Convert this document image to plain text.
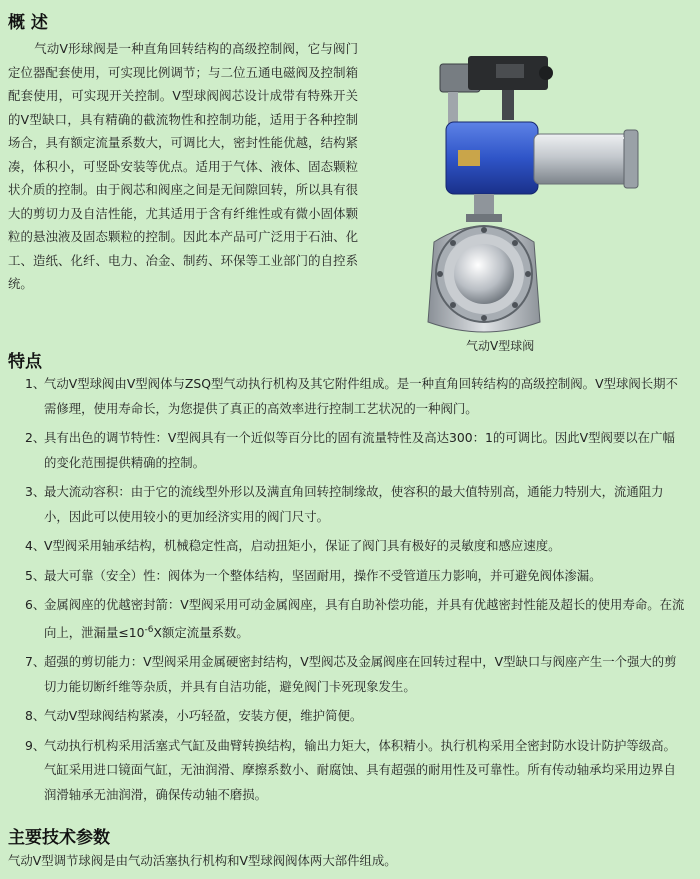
概 述

气动V形球阀是一种直角回转结构的高级控制阀，它与阀门定位器配套使用，可实现比例调节；与二位五通电磁阀及控制箱配套使用，可实现开关控制。V型球阀阀芯设计成带有特殊开关的V型缺口，具有精确的截流物性和控制功能，适用于各种控制场合，具有额定流量系数大，可调比大，密封性能优越，结构紧凑，体积小，可竖卧安装等优点。适用于气体、液体、固态颗粒状介质的控制。由于阀芯和阀座之间是无间隙回转，所以具有很大的剪切力及自洁性能，尤其适用于含有纤维性或有微小固体颗粒的悬浊液及固态颗粒的控制。因此本产品可广泛用于石油、化工、造纸、化纤、电力、冶金、制药、环保等工业部门的自控系统。

气动V型球阀
特点
1、
气动V型球阀由V型阀体与ZSQ型气动执行机构及其它附件组成。是一种直角回转结构的高级控制阀。V型球阀长期不需修理，使用寿命长，为您提供了真正的高效率进行控制工艺状况的一种阀门。
2、
具有出色的调节特性：V型阀具有一个近似等百分比的固有流量特性及高达300：1的可调比。因此V型阀要以在广幅的变化范围提供精确的控制。
3、
最大流动容积：由于它的流线型外形以及满直角回转控制缘故，使容积的最大值特别高，通能力特别大，流通阻力小，因此可以使用较小的更加经济实用的阀门尺寸。
4、
V型阀采用轴承结构，机械稳定性高，启动扭矩小，保证了阀门具有极好的灵敏度和感应速度。
5、
最大可靠（安全）性：阀体为一个整体结构，坚固耐用，操作不受管道压力影响，并可避免阀体渗漏。
6、
金属阀座的优越密封箭：V型阀采用可动金属阀座，具有自助补偿功能，并具有优越密封性能及超长的使用寿命。在流向上，泄漏量$\le 10^{-6}X$额定流量系数。
7、
超强的剪切能力：V型阀采用金属硬密封结构，V型阀芯及金属阀座在回转过程中，V型缺口与阀座产生一个强大的剪切力能切断纤维等杂质，并具有自洁功能，避免阀门卡死现象发生。
8、
气动V型球阀结构紧凑，小巧轻盈，安装方便，维护简便。
9、
气动执行机构采用活塞式气缸及曲臂转换结构，输出力矩大，体积精小。执行机构采用全密封防水设计防护等级高。气缸采用进口镜面气缸，无油润滑、摩擦系数小、耐腐蚀、具有超强的耐用性及可靠性。所有传动轴承均采用边界自润滑轴承无油润滑，确保传动轴不磨损。
主要技术参数
气动V型调节球阀是由气动活塞执行机构和V型球阀阀体两大部件组成。
